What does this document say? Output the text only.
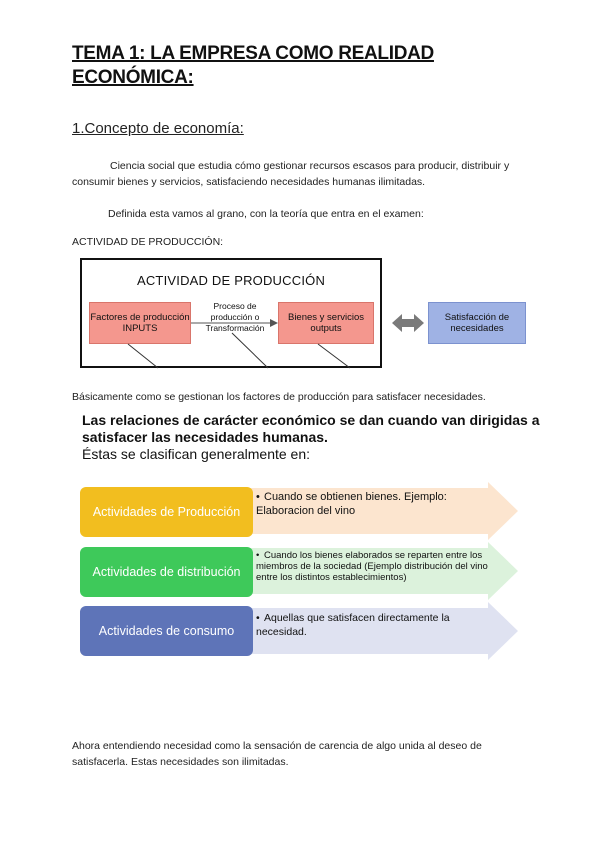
TEMA 1: LA EMPRESA COMO REALIDAD ECONÓMICA:
1.Concepto de economía:
Ciencia social que estudia cómo gestionar recursos escasos para producir, distribuir y consumir bienes y servicios, satisfaciendo necesidades humanas ilimitadas.
Definida esta vamos al grano, con la teoría que entra en el examen:
ACTIVIDAD DE PRODUCCIÓN:
ACTIVIDAD DE PRODUCCIÓN
Factores de producción INPUTS
Proceso de producción o Transformación
Bienes y servicios outputs
Satisfacción de necesidades
Básicamente como se gestionan los factores de producción para satisfacer necesidades.
Las relaciones de carácter económico se dan cuando van dirigidas a satisfacer las necesidades humanas.
Éstas se clasifican generalmente en:
Actividades de Producción
Actividades de distribución
Actividades de consumo
• Cuando se obtienen bienes. Ejemplo: Elaboracion del vino
• Cuando los bienes elaborados se reparten entre los miembros de la sociedad (Ejemplo distribución del vino entre los distintos establecimientos)
• Aquellas que satisfacen directamente la necesidad.
Ahora entendiendo necesidad como la sensación de carencia de algo unida al deseo de satisfacerla. Estas necesidades son ilimitadas.
